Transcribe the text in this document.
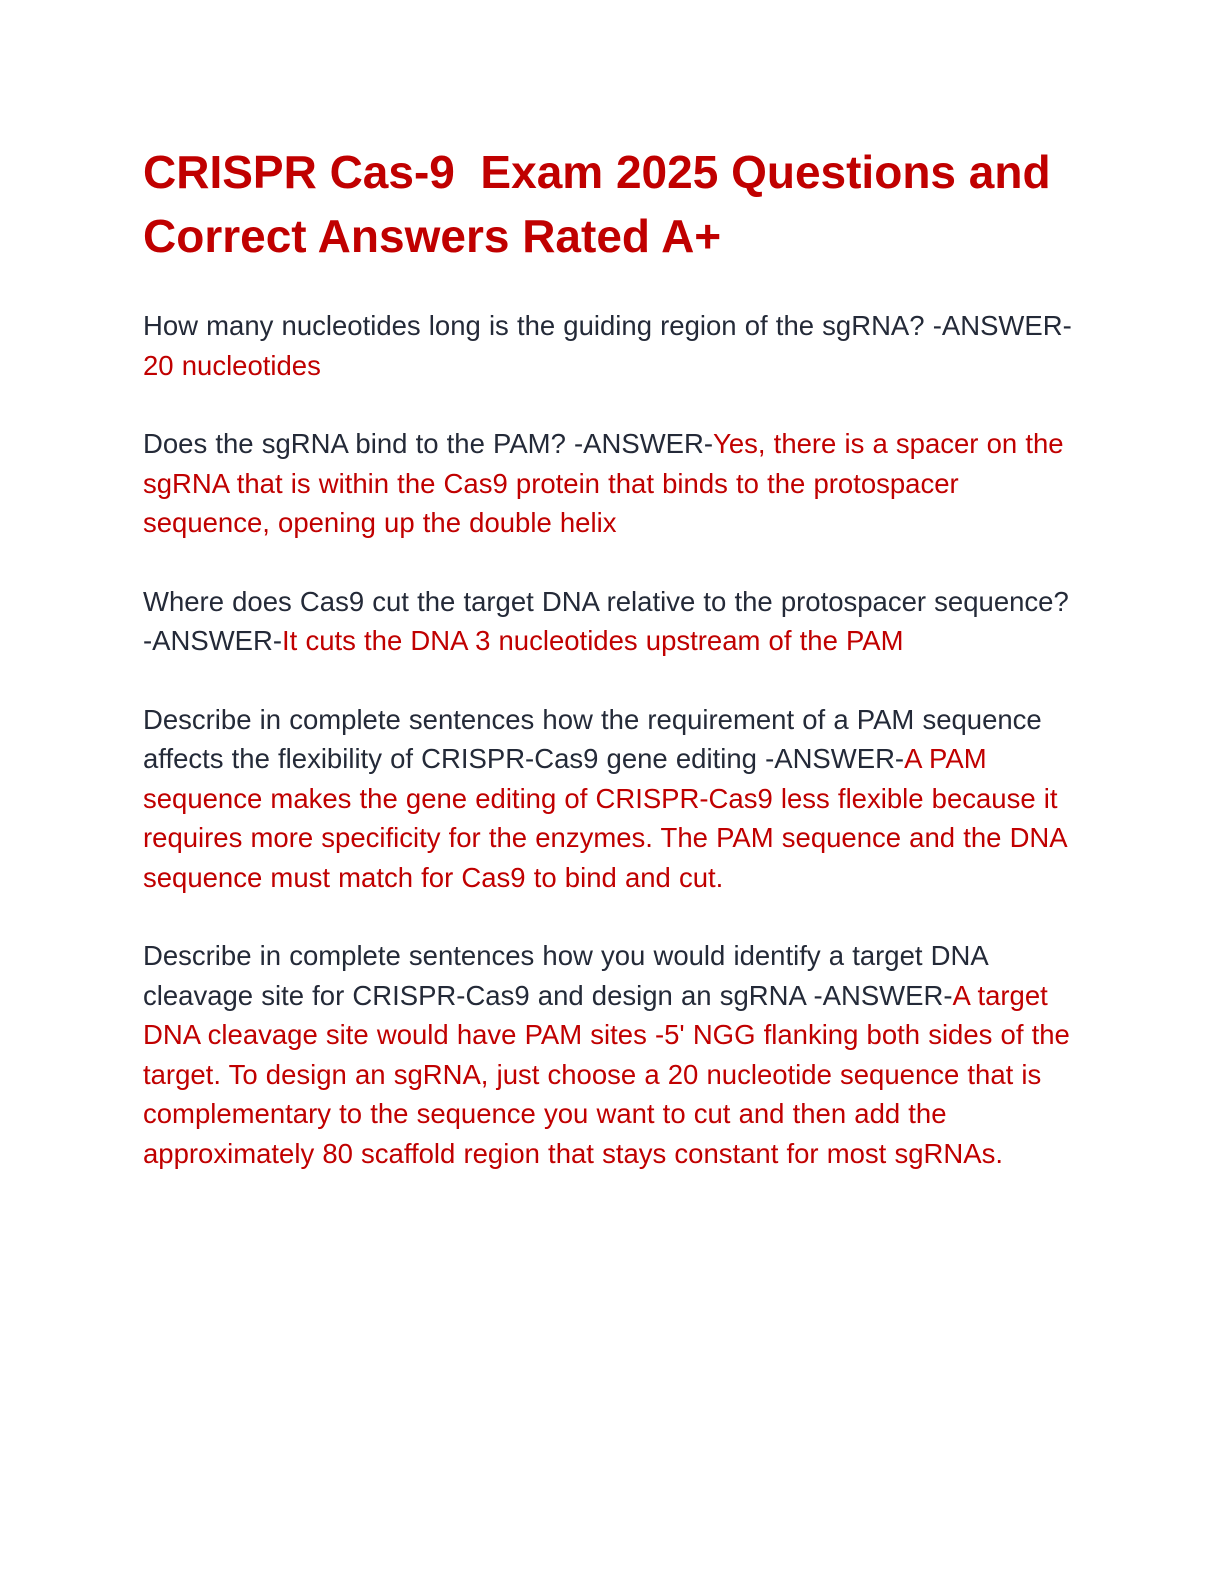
CRISPR Cas-9  Exam 2025 Questions and Correct Answers Rated A+

How many nucleotides long is the guiding region of the sgRNA? -ANSWER-20 nucleotides

Does the sgRNA bind to the PAM? -ANSWER-Yes, there is a spacer on the sgRNA that is within the Cas9 protein that binds to the protospacer sequence, opening up the double helix

Where does Cas9 cut the target DNA relative to the protospacer sequence? -ANSWER-It cuts the DNA 3 nucleotides upstream of the PAM

Describe in complete sentences how the requirement of a PAM sequence affects the flexibility of CRISPR-Cas9 gene editing -ANSWER-A PAM sequence makes the gene editing of CRISPR-Cas9 less flexible because it requires more specificity for the enzymes. The PAM sequence and the DNA sequence must match for Cas9 to bind and cut.

Describe in complete sentences how you would identify a target DNA cleavage site for CRISPR-Cas9 and design an sgRNA -ANSWER-A target DNA cleavage site would have PAM sites -5' NGG flanking both sides of the target. To design an sgRNA, just choose a 20 nucleotide sequence that is complementary to the sequence you want to cut and then add the approximately 80 scaffold region that stays constant for most sgRNAs.
